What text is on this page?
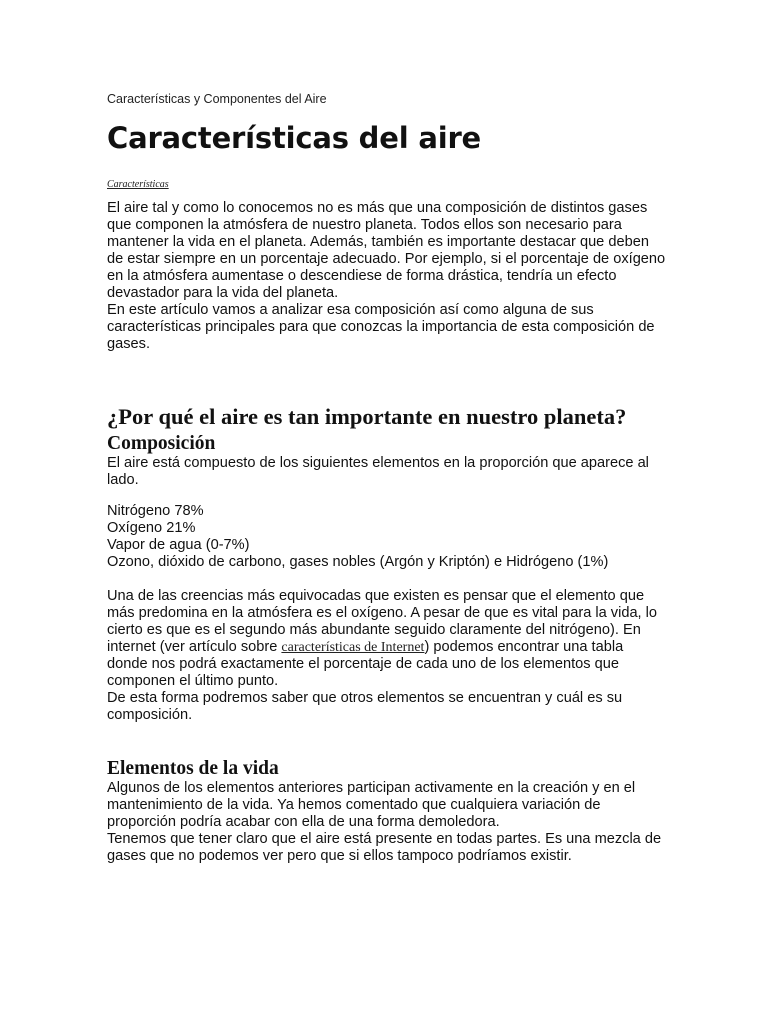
Características y Componentes del Aire
Características del aire
Características
El aire tal y como lo conocemos no es más que una composición de distintos gases
que componen la atmósfera de nuestro planeta. Todos ellos son necesario para
mantener la vida en el planeta. Además, también es importante destacar que deben
de estar siempre en un porcentaje adecuado. Por ejemplo, si el porcentaje de oxígeno
en la atmósfera aumentase o descendiese de forma drástica, tendría un efecto
devastador para la vida del planeta.
En este artículo vamos a analizar esa composición así como alguna de sus
características principales para que conozcas la importancia de esta composición de
gases.
¿Por qué el aire es tan importante en nuestro planeta?
Composición
El aire está compuesto de los siguientes elementos en la proporción que aparece al
lado.
Nitrógeno 78%
Oxígeno 21%
Vapor de agua (0-7%)
Ozono, dióxido de carbono, gases nobles (Argón y Kriptón) e Hidrógeno (1%)
Una de las creencias más equivocadas que existen es pensar que el elemento que
más predomina en la atmósfera es el oxígeno. A pesar de que es vital para la vida, lo
cierto es que es el segundo más abundante seguido claramente del nitrógeno). En
internet (ver artículo sobre características de Internet) podemos encontrar una tabla
donde nos podrá exactamente el porcentaje de cada uno de los elementos que
componen el último punto.
De esta forma podremos saber que otros elementos se encuentran y cuál es su
composición.
Elementos de la vida
Algunos de los elementos anteriores participan activamente en la creación y en el
mantenimiento de la vida. Ya hemos comentado que cualquiera variación de
proporción podría acabar con ella de una forma demoledora.
Tenemos que tener claro que el aire está presente en todas partes. Es una mezcla de
gases que no podemos ver pero que si ellos tampoco podríamos existir.
